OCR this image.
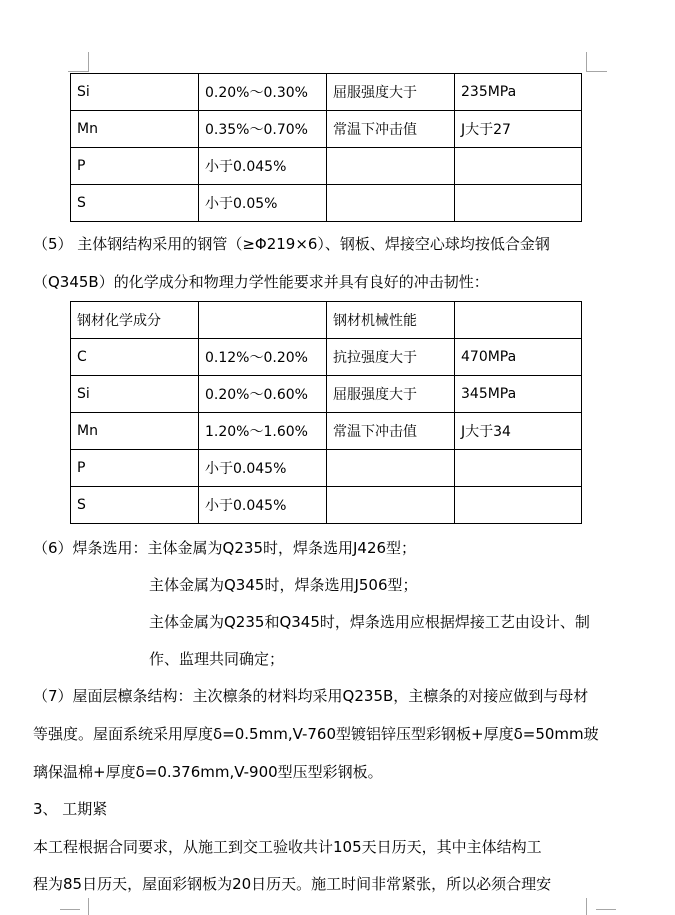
Si	0.20%～0.30%	屈服强度大于	235MPa
Mn	0.35%～0.70%	常温下冲击值	J大于27
P	小于0.045%		
S	小于0.05%		
（5） 主体钢结构采用的钢管（≥Φ219×6）、钢板、焊接空心球均按低合金钢
（Q345B）的化学成分和物理力学性能要求并具有良好的冲击韧性：
钢材化学成分		钢材机械性能	
C	0.12%～0.20%	抗拉强度大于	470MPa
Si	0.20%～0.60%	屈服强度大于	345MPa
Mn	1.20%～1.60%	常温下冲击值	J大于34
P	小于0.045%		
S	小于0.045%		
（6）焊条选用：主体金属为Q235时，焊条选用J426型；
主体金属为Q345时，焊条选用J506型；
主体金属为Q235和Q345时，焊条选用应根据焊接工艺由设计、制
作、监理共同确定；
（7）屋面层檩条结构：主次檩条的材料均采用Q235B，主檩条的对接应做到与母材
等强度。屋面系统采用厚度δ=0.5mm,V-760型镀铝锌压型彩钢板+厚度δ=50mm玻
璃保温棉+厚度δ=0.376mm,V-900型压型彩钢板。
3、 工期紧
本工程根据合同要求，从施工到交工验收共计105天日历天，其中主体结构工
程为85日历天，屋面彩钢板为20日历天。施工时间非常紧张，所以必须合理安
